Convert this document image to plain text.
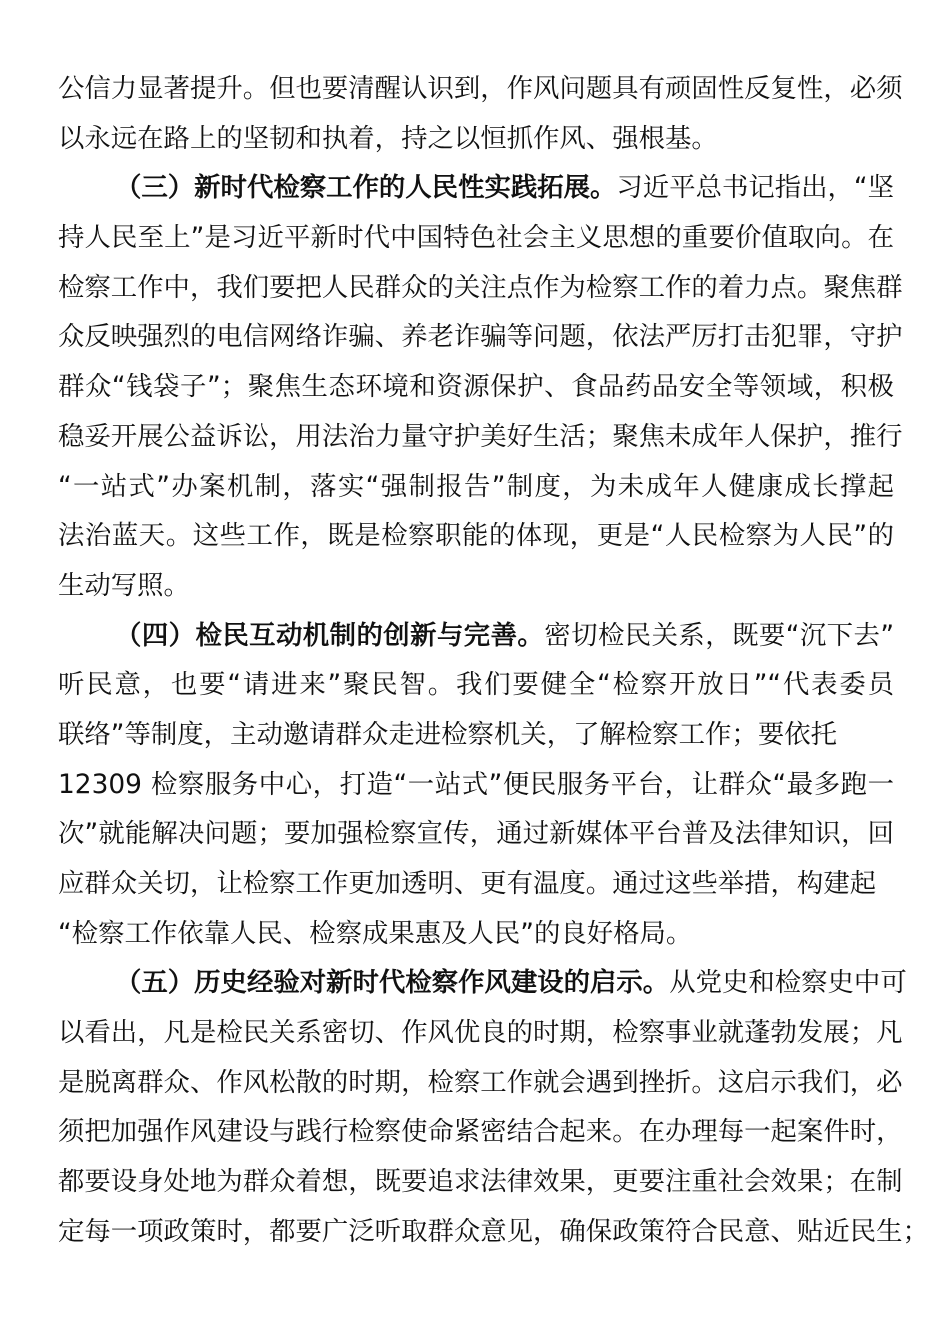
公信力显著提升。但也要清醒认识到，作风问题具有顽固性反复性，必须
以永远在路上的坚韧和执着，持之以恒抓作风、强根基。
（三）新时代检察工作的人民性实践拓展。习近平总书记指出，“坚
持人民至上”是习近平新时代中国特色社会主义思想的重要价值取向。在
检察工作中，我们要把人民群众的关注点作为检察工作的着力点。聚焦群
众反映强烈的电信网络诈骗、养老诈骗等问题，依法严厉打击犯罪，守护
群众“钱袋子”；聚焦生态环境和资源保护、食品药品安全等领域，积极
稳妥开展公益诉讼，用法治力量守护美好生活；聚焦未成年人保护，推行
“一站式”办案机制，落实“强制报告”制度，为未成年人健康成长撑起
法治蓝天。这些工作，既是检察职能的体现，更是“人民检察为人民”的
生动写照。
（四）检民互动机制的创新与完善。密切检民关系，既要“沉下去”
听民意，也要“请进来”聚民智。我们要健全“检察开放日”“代表委员
联络”等制度，主动邀请群众走进检察机关，了解检察工作；要依托
12309 检察服务中心，打造“一站式”便民服务平台，让群众“最多跑一
次”就能解决问题；要加强检察宣传，通过新媒体平台普及法律知识，回
应群众关切，让检察工作更加透明、更有温度。通过这些举措，构建起
“检察工作依靠人民、检察成果惠及人民”的良好格局。
（五）历史经验对新时代检察作风建设的启示。从党史和检察史中可
以看出，凡是检民关系密切、作风优良的时期，检察事业就蓬勃发展；凡
是脱离群众、作风松散的时期，检察工作就会遇到挫折。这启示我们，必
须把加强作风建设与践行检察使命紧密结合起来。在办理每一起案件时，
都要设身处地为群众着想，既要追求法律效果，更要注重社会效果；在制
定每一项政策时，都要广泛听取群众意见，确保政策符合民意、贴近民生；
